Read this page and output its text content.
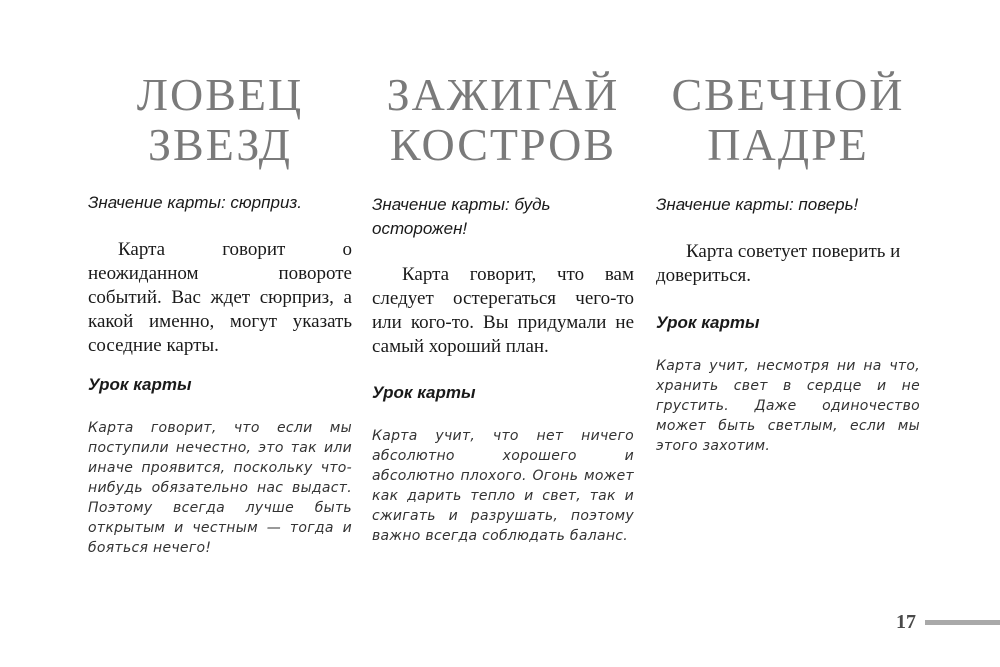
ЛОВЕЦ
ЗВЕЗД

Значение карты: сюрприз.

Карта говорит о неожиданном повороте событий. Вас ждет сюрприз, а какой именно, могут указать соседние карты.

Урок карты

Карта говорит, что если мы поступили нечестно, это так или иначе проявится, поскольку что-нибудь обязательно нас выдаст. Поэтому всегда лучше быть открытым и честным — тогда и бояться нечего!

ЗАЖИГАЙ
КОСТРОВ

Значение карты: будь осторожен!

Карта говорит, что вам следует остерегаться чего-то или кого-то. Вы придумали не самый хороший план.

Урок карты

Карта учит, что нет ничего абсолютно хорошего и абсолютно плохого. Огонь может как дарить тепло и свет, так и сжигать и разрушать, поэтому важно всегда соблюдать баланс.

СВЕЧНОЙ
ПАДРЕ

Значение карты: поверь!

Карта советует поверить и довериться.

Урок карты

Карта учит, несмотря ни на что, хранить свет в сердце и не грустить. Даже одиночество может быть светлым, если мы этого захотим.

17
